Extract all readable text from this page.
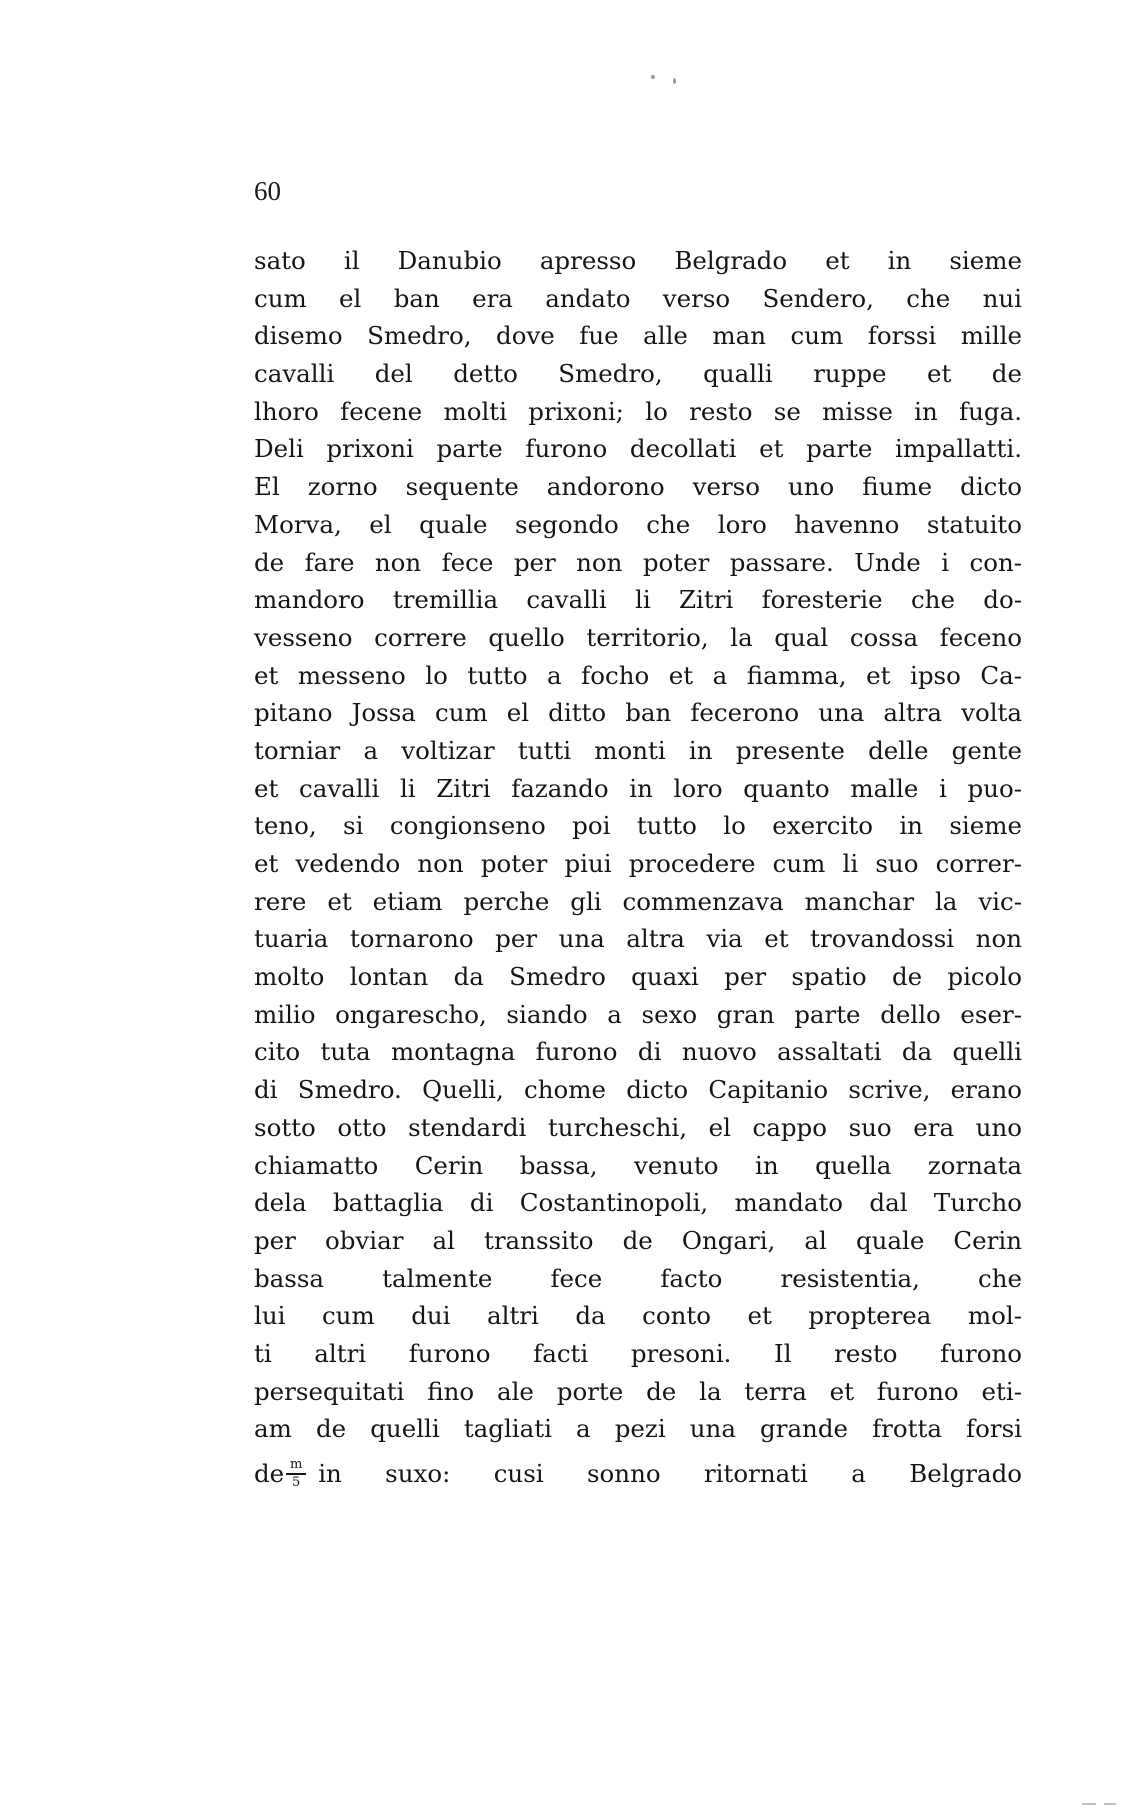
60
sato il Danubio apresso Belgrado et in sieme
cum el ban era andato verso Sendero, che nui
disemo Smedro, dove fue alle man cum forssi mille
cavalli del detto Smedro, qualli ruppe et de
lhoro fecene molti prixoni; lo resto se misse in fuga.
Deli prixoni parte furono decollati et parte impallatti.
El zorno sequente andorono verso uno fiume dicto
Morva, el quale segondo che loro havenno statuito
de fare non fece per non poter passare. Unde i con-
mandoro tremillia cavalli li Zitri foresterie che do-
vesseno correre quello territorio, la qual cossa feceno
et messeno lo tutto a focho et a fiamma, et ipso Ca-
pitano Jossa cum el ditto ban fecerono una altra volta
torniar a voltizar tutti monti in presente delle gente
et cavalli li Zitri fazando in loro quanto malle i puo-
teno, si congionseno poi tutto lo exercito in sieme
et vedendo non poter piui procedere cum li suo correr-
rere et etiam perche gli commenzava manchar la vic-
tuaria tornarono per una altra via et trovandossi non
molto lontan da Smedro quaxi per spatio de picolo
milio ongarescho, siando a sexo gran parte dello eser-
cito tuta montagna furono di nuovo assaltati da quelli
di Smedro. Quelli, chome dicto Capitanio scrive, erano
sotto otto stendardi turcheschi, el cappo suo era uno
chiamatto Cerin bassa, venuto in quella zornata
dela battaglia di Costantinopoli, mandato dal Turcho
per obviar al transsito de Ongari, al quale Cerin
bassa talmente fece facto resistentia, che
lui cum dui altri da conto et propterea mol-
ti altri furono facti presoni. Il resto furono
persequitati fino ale porte de la terra et furono eti-
am de quelli tagliati a pezi una grande frotta forsi
de $\frac{m}{5}$ in suxo: cusi sonno ritornati a Belgrado
